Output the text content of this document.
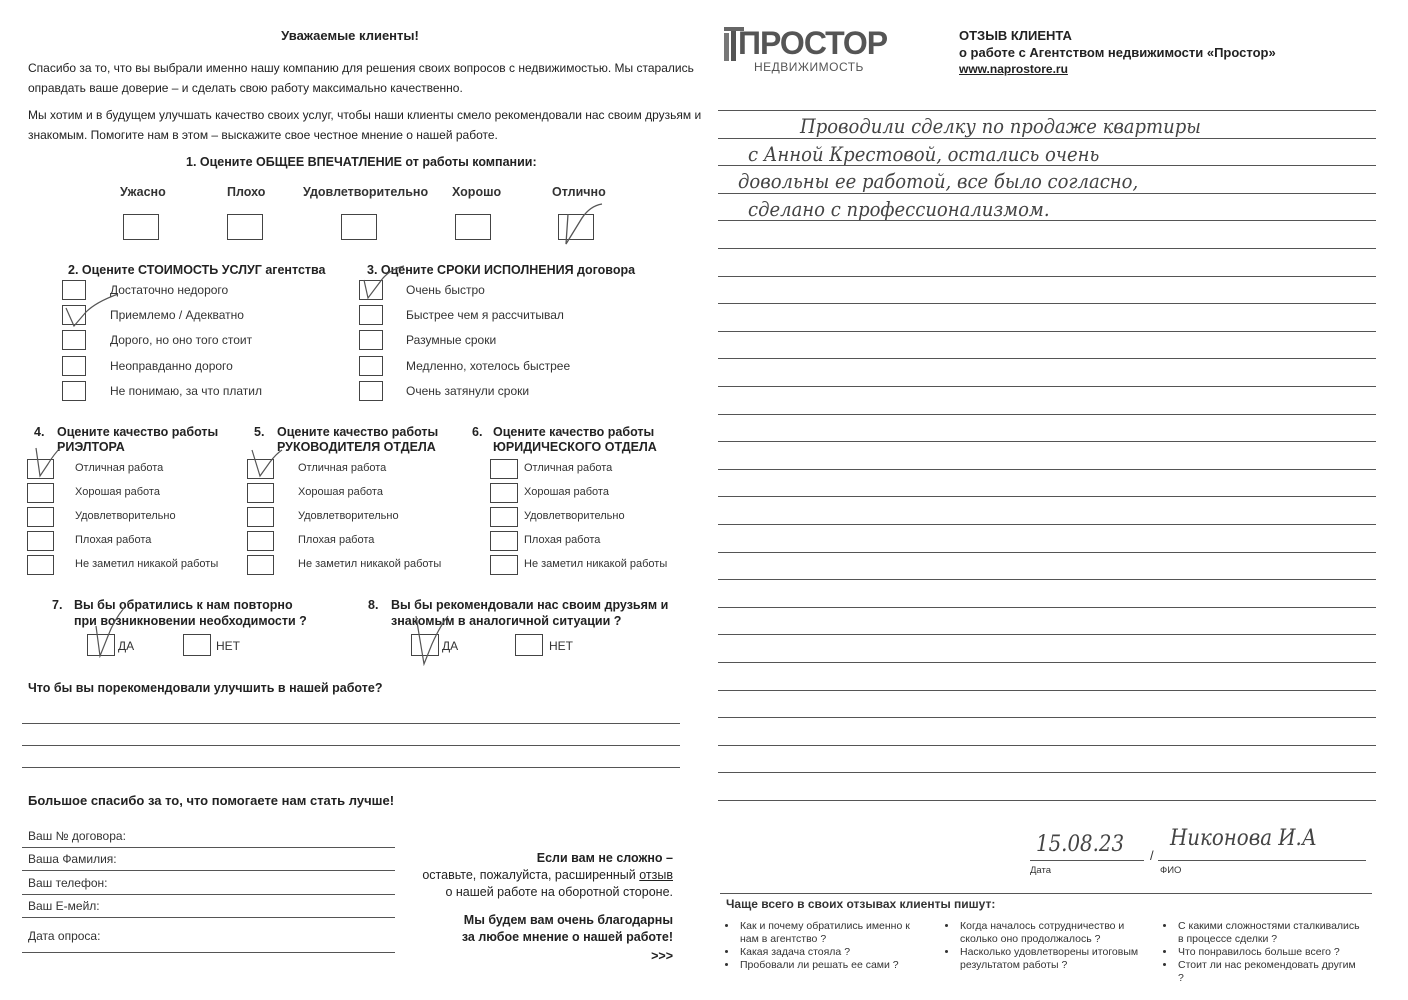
Уважаемые клиенты!
Спасибо за то, что вы выбрали именно нашу компанию для решения своих вопросов с недвижимостью. Мы старались
оправдать ваше доверие – и сделать свою работу максимально качественно.
Мы хотим и в будущем улучшать качество своих услуг, чтобы наши клиенты смело рекомендовали нас своим друзьям и
знакомым. Помогите нам в этом – выскажите свое честное мнение о нашей работе.
1. Оцените ОБЩЕЕ ВПЕЧАТЛЕНИЕ от работы компании:
Ужасно	Плохо	Удовлетворительно Хорошо	Отлично
2. Оцените СТОИМОСТЬ УСЛУГ агентства
Достаточно недорого
Приемлемо / Адекватно
Дорого, но оно того стоит
Неоправданно дорого
Не понимаю, за что платил
3. Оцените СРОКИ ИСПОЛНЕНИЯ договора
Очень быстро
Быстрее чем я рассчитывал
Разумные сроки
Медленно, хотелось быстрее
Очень затянули сроки
4. Оцените качество работы
РИЭЛТОРА
Отличная работа
Хорошая работа
Удовлетворительно
Плохая работа
Не заметил никакой работы
5. Оцените качество работы
РУКОВОДИТЕЛЯ ОТДЕЛА
Отличная работа
Хорошая работа
Удовлетворительно
Плохая работа
Не заметил никакой работы
6. Оцените качество работы
ЮРИДИЧЕСКОГО ОТДЕЛА
Отличная работа
Хорошая работа
Удовлетворительно
Плохая работа
Не заметил никакой работы
7. Вы бы обратились к нам повторно
при возникновении необходимости ?
ДА	НЕТ
8. Вы бы рекомендовали нас своим друзьям и
знакомым в аналогичной ситуации ?
ДА	НЕТ
Что бы вы порекомендовали улучшить в нашей работе?
Большое спасибо за то, что помогаете нам стать лучше!
Ваш № договора:
Ваша Фамилия:
Ваш телефон:
Ваш Е-мейл:
Дата опроса:
Если вам не сложно –
оставьте, пожалуйста, расширенный отзыв
о нашей работе на оборотной стороне.
Мы будем вам очень благодарны
за любое мнение о нашей работе!
>>>
ПРОСТОР
НЕДВИЖИМОСТЬ
ОТЗЫВ КЛИЕНТА
о работе с Агентством недвижимости «Простор»
www.naprostore.ru
Проводили сделку по продаже квартиры
с Анной Крестовой, остались очень
довольны ее работой, все было согласно,
сделано с профессионализмом.
15.08.23 /
Никонова И.А
Дата	ФИО
Чаще всего в своих отзывах клиенты пишут:
• Как и почему обратились именно к нам в агентство ?
• Какая задача стояла ?
• Пробовали ли решать ее сами ?
• Когда началось сотрудничество и сколько оно продолжалось ?
• Насколько удовлетворены итоговым результатом работы ?
• С какими сложностями сталкивались в процессе сделки ?
• Что понравилось больше всего ?
• Стоит ли нас рекомендовать другим ?
